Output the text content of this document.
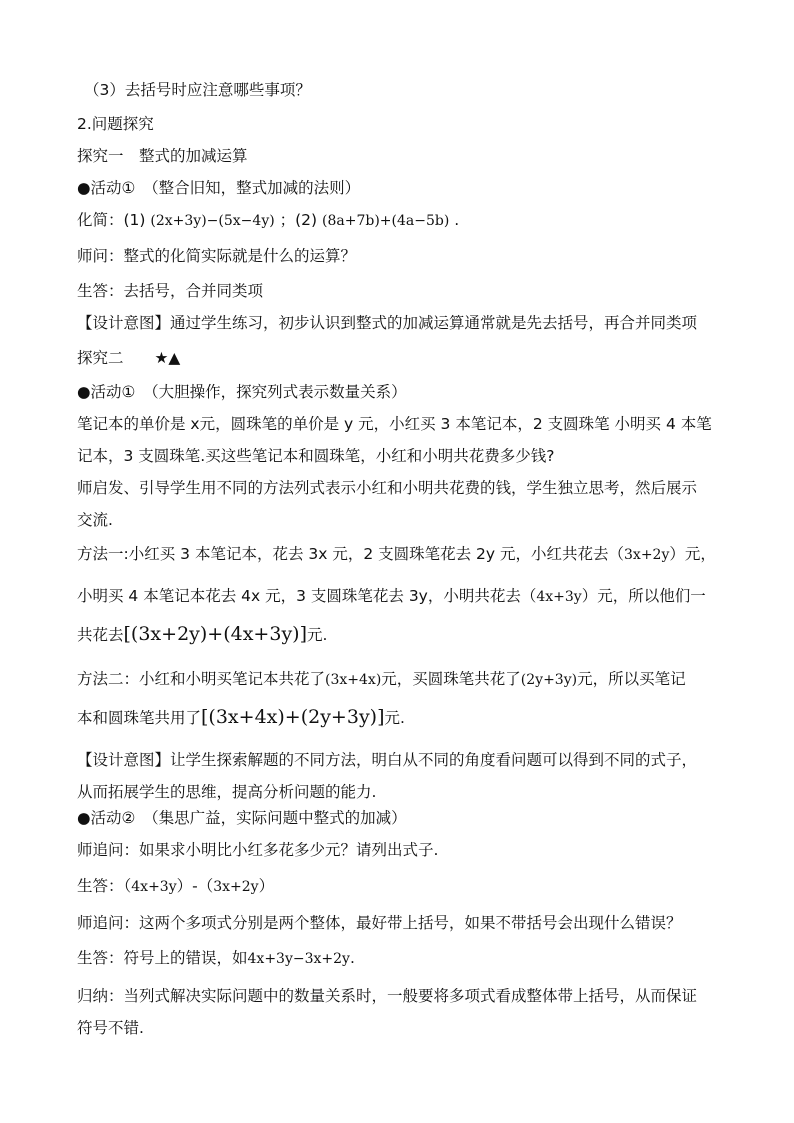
（3）去括号时应注意哪些事项？
2.问题探究
探究一　整式的加减运算
●活动①　（整合旧知，整式加减的法则）
化简：(1) (2x+3y)−(5x−4y) ；(2) (8a+7b)+(4a−5b) .
师问：整式的化简实际就是什么的运算？
生答：去括号，合并同类项
【设计意图】通过学生练习，初步认识到整式的加减运算通常就是先去括号，再合并同类项
探究二　　★▲
●活动①　（大胆操作，探究列式表示数量关系）
笔记本的单价是 x元，圆珠笔的单价是 y 元，小红买 3 本笔记本，2 支圆珠笔 小明买 4 本笔
记本，3 支圆珠笔.买这些笔记本和圆珠笔，小红和小明共花费多少钱?
师启发、引导学生用不同的方法列式表示小红和小明共花费的钱，学生独立思考，然后展示
交流.
方法一:小红买 3 本笔记本，花去 3x 元，2 支圆珠笔花去 2y 元，小红共花去（3x+2y）元，
小明买 4 本笔记本花去 4x 元，3 支圆珠笔花去 3y，小明共花去（4x+3y）元，所以他们一
共花去[(3x+2y)+(4x+3y)]元.
方法二：小红和小明买笔记本共花了(3x+4x)元，买圆珠笔共花了(2y+3y)元，所以买笔记
本和圆珠笔共用了[(3x+4x)+(2y+3y)]元.
【设计意图】让学生探索解题的不同方法，明白从不同的角度看问题可以得到不同的式子，
从而拓展学生的思维，提高分析问题的能力.
●活动②　（集思广益，实际问题中整式的加减）
师追问：如果求小明比小红多花多少元？请列出式子.
生答：（4x+3y）-（3x+2y）
师追问：这两个多项式分别是两个整体，最好带上括号，如果不带括号会出现什么错误？
生答：符号上的错误，如4x+3y−3x+2y.
归纳：当列式解决实际问题中的数量关系时，一般要将多项式看成整体带上括号，从而保证
符号不错.
